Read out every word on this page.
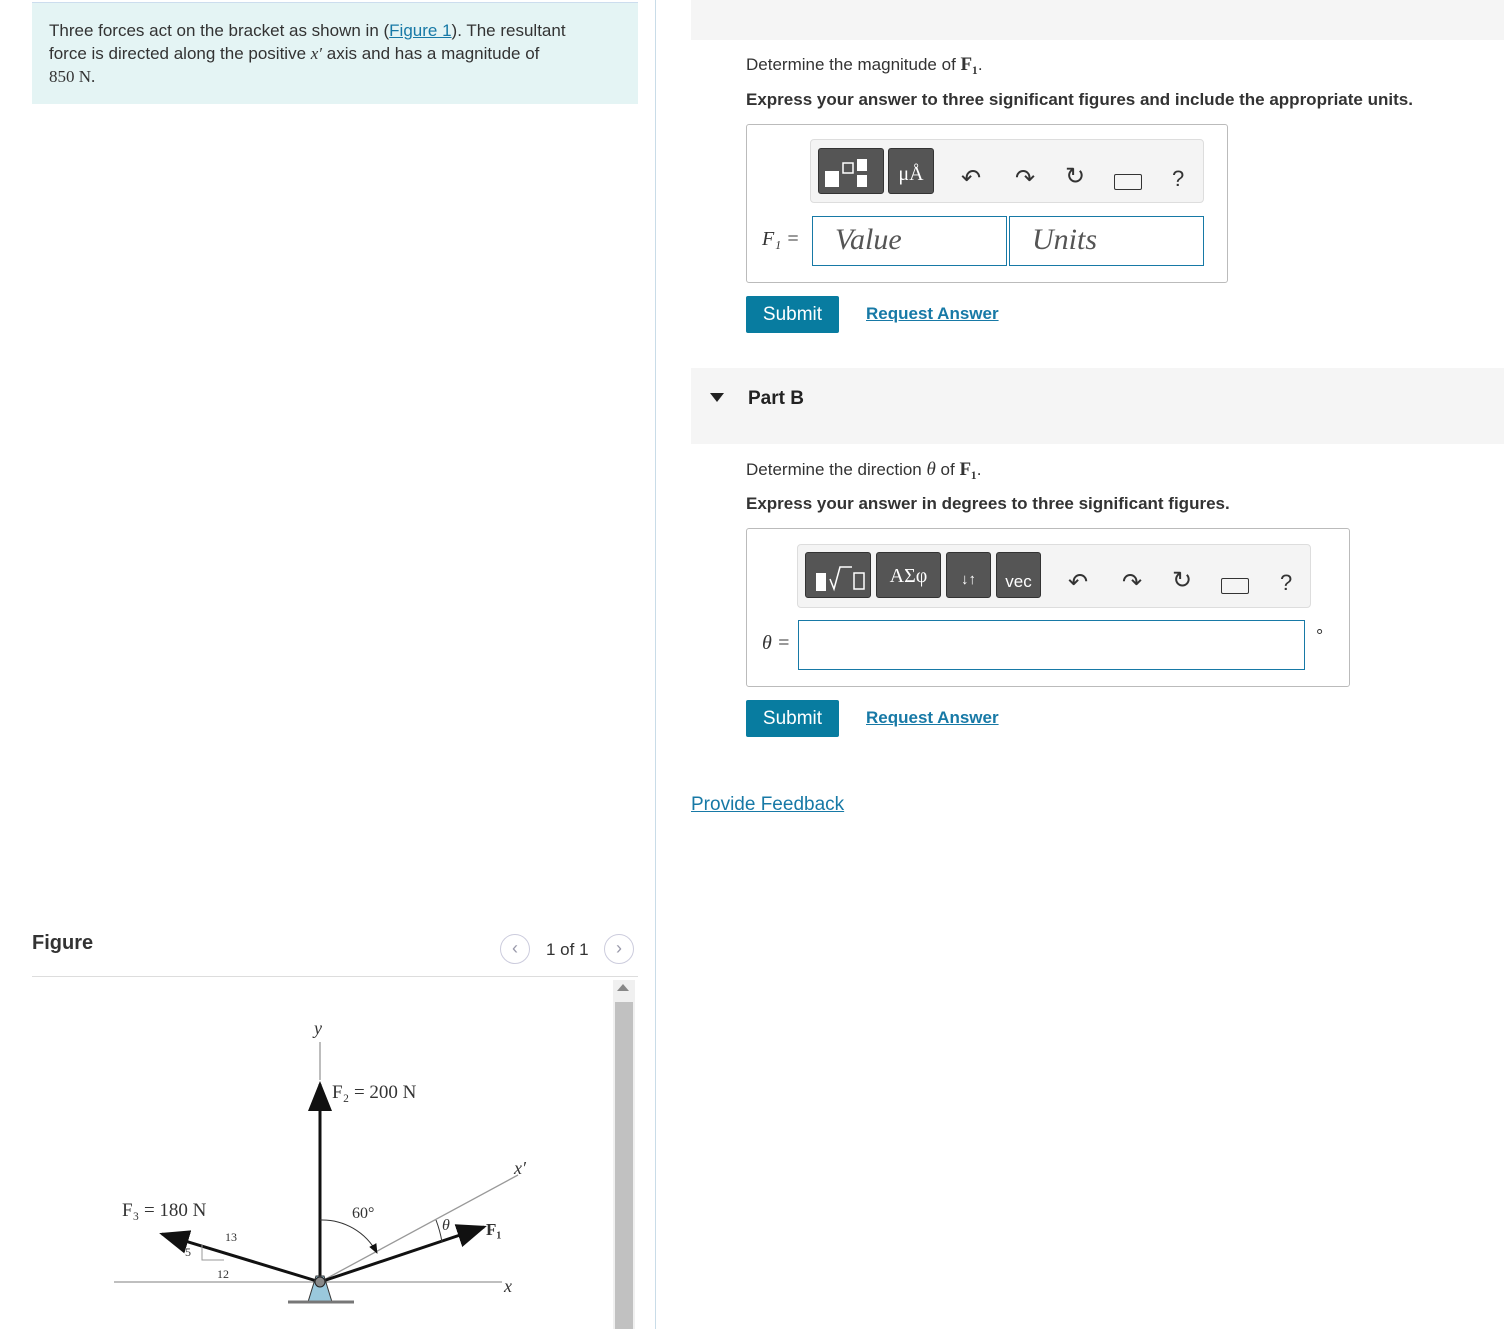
Three forces act on the bracket as shown in (Figure 1). The resultant
force is directed along the positive x′ axis and has a magnitude of
850 N.
Figure	‹	1 of 1	›
y
x
x′
F₂ = 200 N
F₃ = 180 N
F₁
60°
θ
13
5
12
Determine the magnitude of F₁.
Express your answer to three significant figures and include the appropriate units.
μÅ	↶ ↷ ↻	?
F₁ = Value	Units
Submit	Request Answer
Part B
Determine the direction θ of F₁.
Express your answer in degrees to three significant figures.
ΑΣφ	↓↑	vec	↶ ↷ ↻	?
θ =	°
Submit	Request Answer
Provide Feedback
